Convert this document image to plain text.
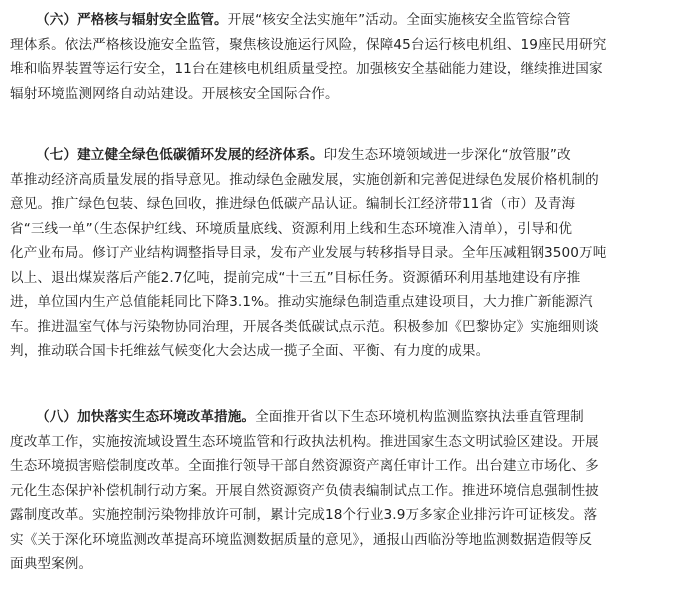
（六）严格核与辐射安全监管。开展“核安全法实施年”活动。全面实施核安全监管综合管
理体系。依法严格核设施安全监管，聚焦核设施运行风险，保障45台运行核电机组、19座民用研究
堆和临界装置等运行安全，11台在建核电机组质量受控。加强核安全基础能力建设，继续推进国家
辐射环境监测网络自动站建设。开展核安全国际合作。
（七）建立健全绿色低碳循环发展的经济体系。印发生态环境领域进一步深化“放管服”改
革推动经济高质量发展的指导意见。推动绿色金融发展，实施创新和完善促进绿色发展价格机制的
意见。推广绿色包装、绿色回收，推进绿色低碳产品认证。编制长江经济带11省（市）及青海
省“三线一单”（生态保护红线、环境质量底线、资源利用上线和生态环境准入清单），引导和优
化产业布局。修订产业结构调整指导目录，发布产业发展与转移指导目录。全年压减粗钢3500万吨
以上、退出煤炭落后产能2.7亿吨，提前完成“十三五”目标任务。资源循环利用基地建设有序推
进，单位国内生产总值能耗同比下降3.1%。推动实施绿色制造重点建设项目，大力推广新能源汽
车。推进温室气体与污染物协同治理，开展各类低碳试点示范。积极参加《巴黎协定》实施细则谈
判，推动联合国卡托维兹气候变化大会达成一揽子全面、平衡、有力度的成果。
（八）加快落实生态环境改革措施。全面推开省以下生态环境机构监测监察执法垂直管理制
度改革工作，实施按流域设置生态环境监管和行政执法机构。推进国家生态文明试验区建设。开展
生态环境损害赔偿制度改革。全面推行领导干部自然资源资产离任审计工作。出台建立市场化、多
元化生态保护补偿机制行动方案。开展自然资源资产负债表编制试点工作。推进环境信息强制性披
露制度改革。实施控制污染物排放许可制，累计完成18个行业3.9万多家企业排污许可证核发。落
实《关于深化环境监测改革提高环境监测数据质量的意见》，通报山西临汾等地监测数据造假等反
面典型案例。
